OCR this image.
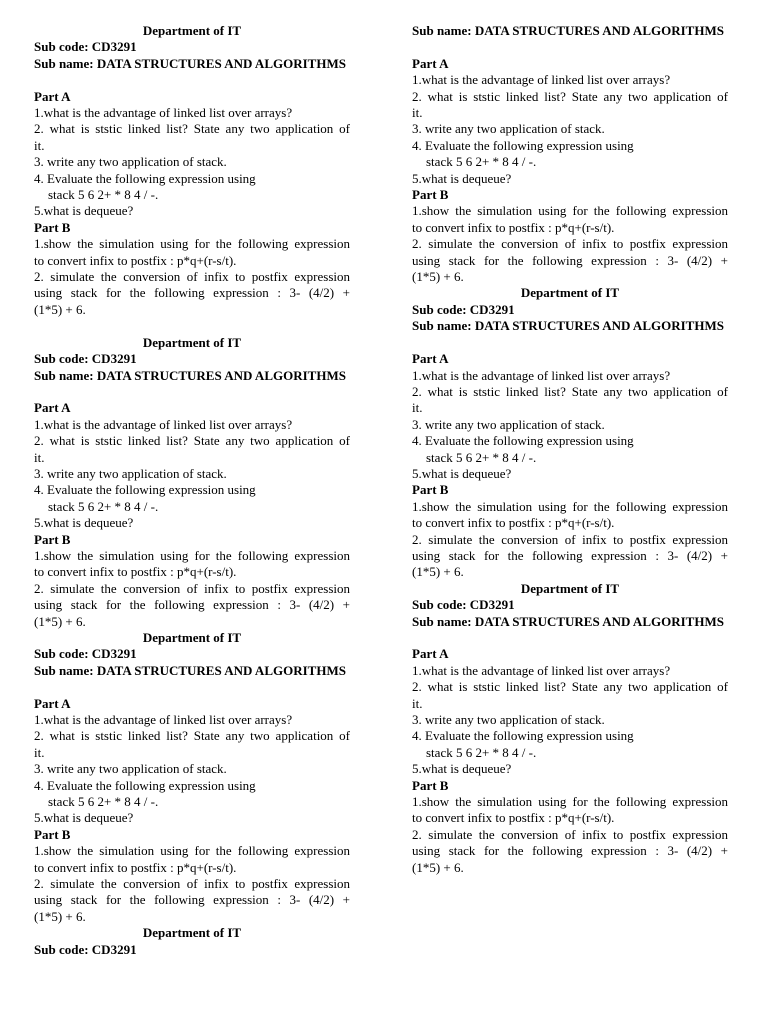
Department of IT
Sub code: CD3291
Sub name: DATA STRUCTURES AND ALGORITHMS
Part A
1.what is the advantage of linked list over arrays?
2. what is ststic linked list? State any two application of
it.
3. write any two application of stack.
4. Evaluate the following expression using
stack 5 6 2+ * 8 4 / -.
5.what is dequeue?
Part B
1.show the simulation using for the following expression
to convert infix to postfix : p*q+(r-s/t).
2. simulate the conversion of infix to postfix expression
using stack for the following expression : 3- (4/2) +
(1*5) + 6.
Department of IT
Sub code: CD3291
Sub name: DATA STRUCTURES AND ALGORITHMS
Part A
1.what is the advantage of linked list over arrays?
2. what is ststic linked list? State any two application of
it.
3. write any two application of stack.
4. Evaluate the following expression using
stack 5 6 2+ * 8 4 / -.
5.what is dequeue?
Part B
1.show the simulation using for the following expression
to convert infix to postfix : p*q+(r-s/t).
2. simulate the conversion of infix to postfix expression
using stack for the following expression : 3- (4/2) +
(1*5) + 6.
Department of IT
Sub code: CD3291
Sub name: DATA STRUCTURES AND ALGORITHMS
Part A
1.what is the advantage of linked list over arrays?
2. what is ststic linked list? State any two application of
it.
3. write any two application of stack.
4. Evaluate the following expression using
stack 5 6 2+ * 8 4 / -.
5.what is dequeue?
Part B
1.show the simulation using for the following expression
to convert infix to postfix : p*q+(r-s/t).
2. simulate the conversion of infix to postfix expression
using stack for the following expression : 3- (4/2) +
(1*5) + 6.
Department of IT
Sub code: CD3291
Sub name: DATA STRUCTURES AND ALGORITHMS
Part A
1.what is the advantage of linked list over arrays?
2. what is ststic linked list? State any two application of
it.
3. write any two application of stack.
4. Evaluate the following expression using
stack 5 6 2+ * 8 4 / -.
5.what is dequeue?
Part B
1.show the simulation using for the following expression
to convert infix to postfix : p*q+(r-s/t).
2. simulate the conversion of infix to postfix expression
using stack for the following expression : 3- (4/2) +
(1*5) + 6.
Department of IT
Sub code: CD3291
Sub name: DATA STRUCTURES AND ALGORITHMS
Part A
1.what is the advantage of linked list over arrays?
2. what is ststic linked list? State any two application of
it.
3. write any two application of stack.
4. Evaluate the following expression using
stack 5 6 2+ * 8 4 / -.
5.what is dequeue?
Part B
1.show the simulation using for the following expression
to convert infix to postfix : p*q+(r-s/t).
2. simulate the conversion of infix to postfix expression
using stack for the following expression : 3- (4/2) +
(1*5) + 6.
Department of IT
Sub code: CD3291
Sub name: DATA STRUCTURES AND ALGORITHMS
Part A
1.what is the advantage of linked list over arrays?
2. what is ststic linked list? State any two application of
it.
3. write any two application of stack.
4. Evaluate the following expression using
stack 5 6 2+ * 8 4 / -.
5.what is dequeue?
Part B
1.show the simulation using for the following expression
to convert infix to postfix : p*q+(r-s/t).
2. simulate the conversion of infix to postfix expression
using stack for the following expression : 3- (4/2) +
(1*5) + 6.
